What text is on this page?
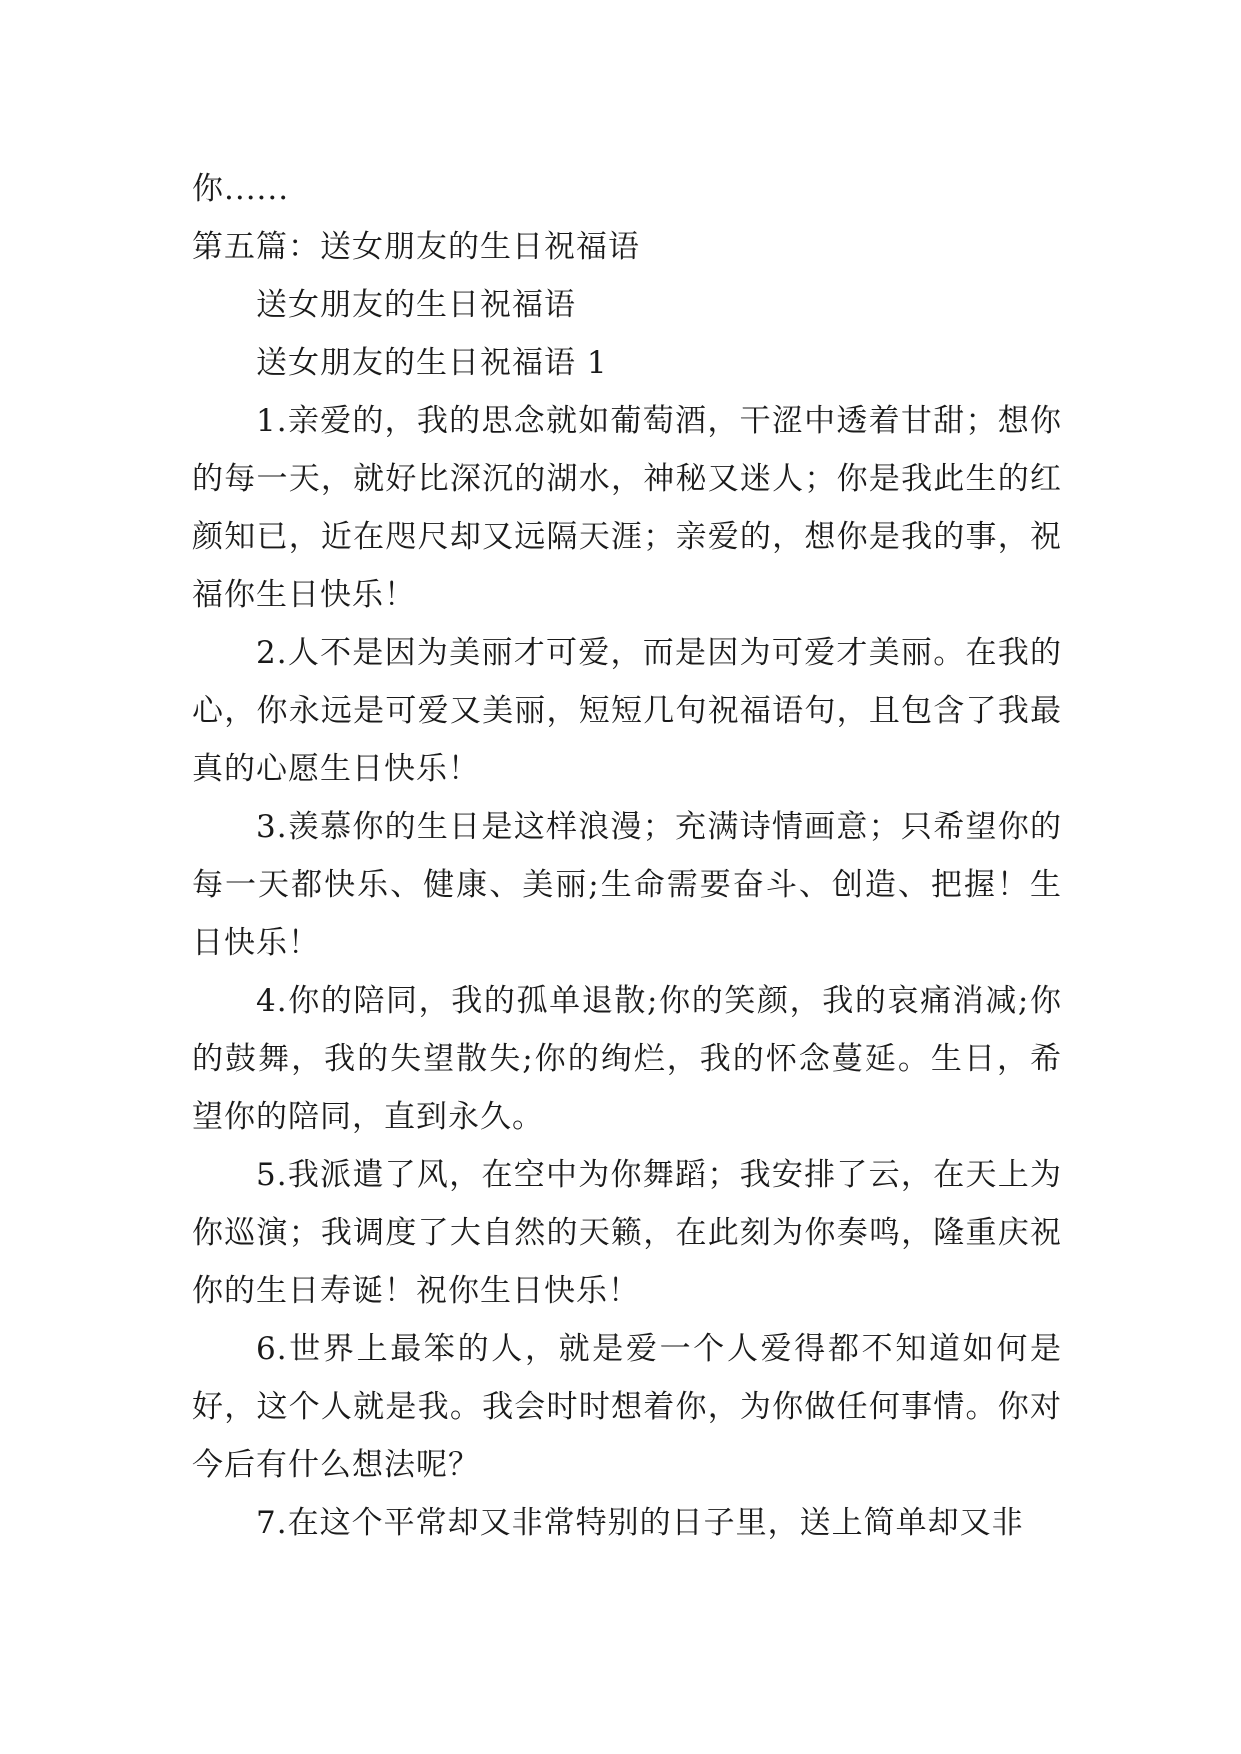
你......
第五篇：送女朋友的生日祝福语
送女朋友的生日祝福语
送女朋友的生日祝福语 1

1.亲爱的，我的思念就如葡萄酒，干涩中透着甘甜；想你的每一天，就好比深沉的湖水，神秘又迷人；你是我此生的红颜知已，近在咫尺却又远隔天涯；亲爱的，想你是我的事，祝福你生日快乐！

2.人不是因为美丽才可爱，而是因为可爱才美丽。在我的心，你永远是可爱又美丽，短短几句祝福语句，且包含了我最真的心愿生日快乐！

3.羡慕你的生日是这样浪漫；充满诗情画意；只希望你的每一天都快乐、健康、美丽;生命需要奋斗、创造、把握！生日快乐！

4.你的陪同，我的孤单退散;你的笑颜，我的哀痛消减;你的鼓舞，我的失望散失;你的绚烂，我的怀念蔓延。生日，希望你的陪同，直到永久。

5.我派遣了风，在空中为你舞蹈；我安排了云，在天上为你巡演；我调度了大自然的天籁，在此刻为你奏鸣，隆重庆祝你的生日寿诞！祝你生日快乐！

6.世界上最笨的人，就是爱一个人爱得都不知道如何是好，这个人就是我。我会时时想着你，为你做任何事情。你对今后有什么想法呢？

7.在这个平常却又非常特别的日子里，送上简单却又非
